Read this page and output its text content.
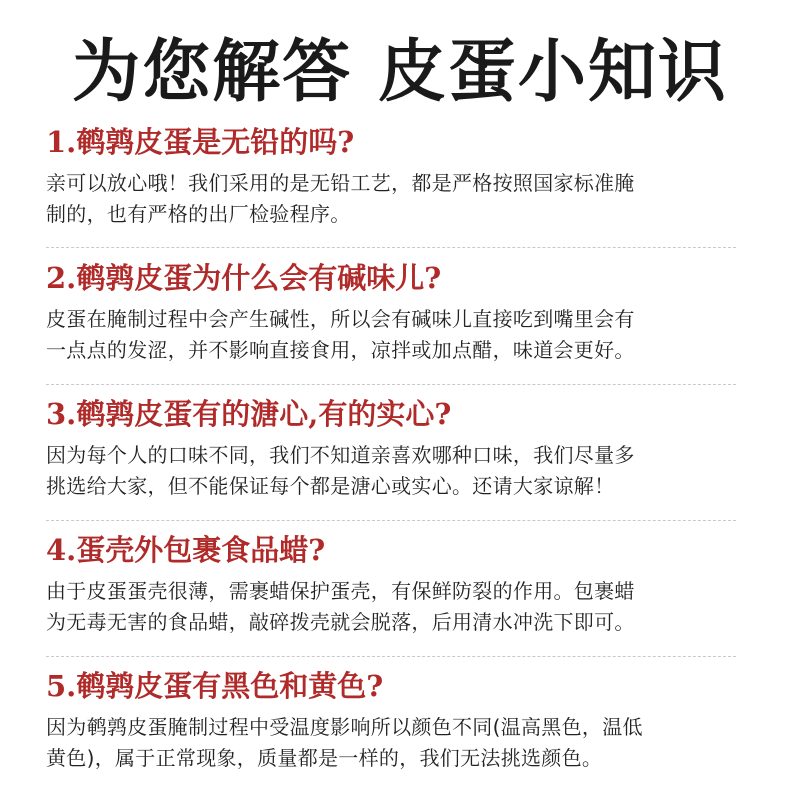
为您解答 皮蛋小知识
1.鹌鹑皮蛋是无铅的吗?
亲可以放心哦！我们采用的是无铅工艺，都是严格按照国家标准腌
制的，也有严格的出厂检验程序。
2.鹌鹑皮蛋为什么会有碱味儿?
皮蛋在腌制过程中会产生碱性，所以会有碱味儿直接吃到嘴里会有
一点点的发涩，并不影响直接食用，凉拌或加点醋，味道会更好。
3.鹌鹑皮蛋有的溏心,有的实心?
因为每个人的口味不同，我们不知道亲喜欢哪种口味，我们尽量多
挑选给大家，但不能保证每个都是溏心或实心。还请大家谅解！
4.蛋壳外包裹食品蜡?
由于皮蛋蛋壳很薄，需裹蜡保护蛋壳，有保鲜防裂的作用。包裹蜡
为无毒无害的食品蜡，敲碎拨壳就会脱落，后用清水冲洗下即可。
5.鹌鹑皮蛋有黑色和黄色?
因为鹌鹑皮蛋腌制过程中受温度影响所以颜色不同(温高黑色，温低
黄色)，属于正常现象，质量都是一样的，我们无法挑选颜色。
